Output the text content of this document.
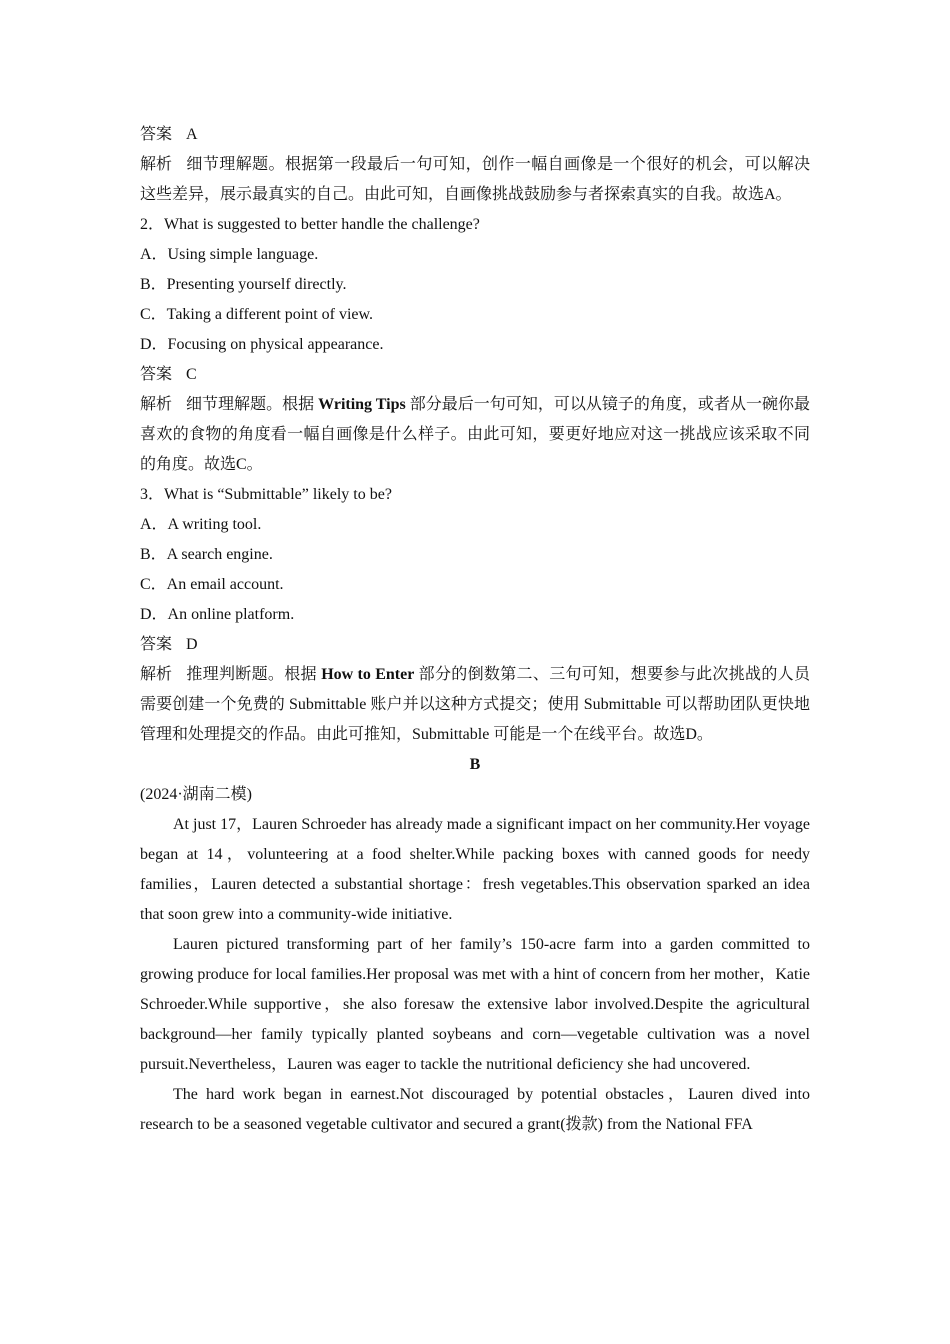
答案 A

解析 细节理解题。根据第一段最后一句可知，创作一幅自画像是一个很好的机会，可以解决这些差异，展示最真实的自己。由此可知，自画像挑战鼓励参与者探索真实的自我。故选A。

2．What is suggested to better handle the challenge?

A．Using simple language.

B．Presenting yourself directly.

C．Taking a different point of view.

D．Focusing on physical appearance.

答案 C

解析 细节理解题。根据 Writing Tips 部分最后一句可知，可以从镜子的角度，或者从一碗你最喜欢的食物的角度看一幅自画像是什么样子。由此可知，要更好地应对这一挑战应该采取不同的角度。故选C。

3．What is “Submittable” likely to be?

A．A writing tool.

B．A search engine.

C．An email account.

D．An online platform.

答案 D

解析 推理判断题。根据 How to Enter 部分的倒数第二、三句可知，想要参与此次挑战的人员需要创建一个免费的 Submittable 账户并以这种方式提交；使用 Submittable 可以帮助团队更快地管理和处理提交的作品。由此可推知，Submittable 可能是一个在线平台。故选D。

B

(2024·湖南二模)

At just 17，Lauren Schroeder has already made a significant impact on her community.Her voyage began at 14，volunteering at a food shelter.While packing boxes with canned goods for needy families，Lauren detected a substantial shortage：fresh vegetables.This observation sparked an idea that soon grew into a community-wide initiative.

Lauren pictured transforming part of her family’s 150-acre farm into a garden committed to growing produce for local families.Her proposal was met with a hint of concern from her mother，Katie Schroeder.While supportive，she also foresaw the extensive labor involved.Despite the agricultural background—her family typically planted soybeans and corn—vegetable cultivation was a novel pursuit.Nevertheless，Lauren was eager to tackle the nutritional deficiency she had uncovered.

The hard work began in earnest.Not discouraged by potential obstacles，Lauren dived into research to be a seasoned vegetable cultivator and secured a grant(拨款) from the National FFA
